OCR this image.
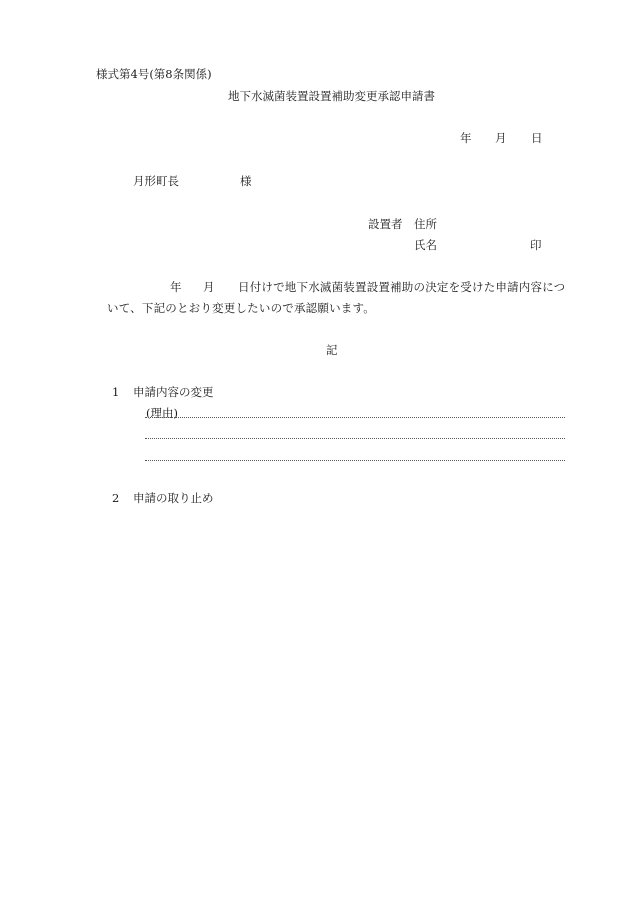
様式第4号(第8条関係)
地下水滅菌装置設置補助変更承認申請書
年 月 日
月形町長	様
設置者 住所
氏名	印
年 月 日付けで地下水滅菌装置設置補助の決定を受けた申請内容につ
いて、下記のとおり変更したいので承認願います。
記
1 申請内容の変更
(理由)
2 申請の取り止め
